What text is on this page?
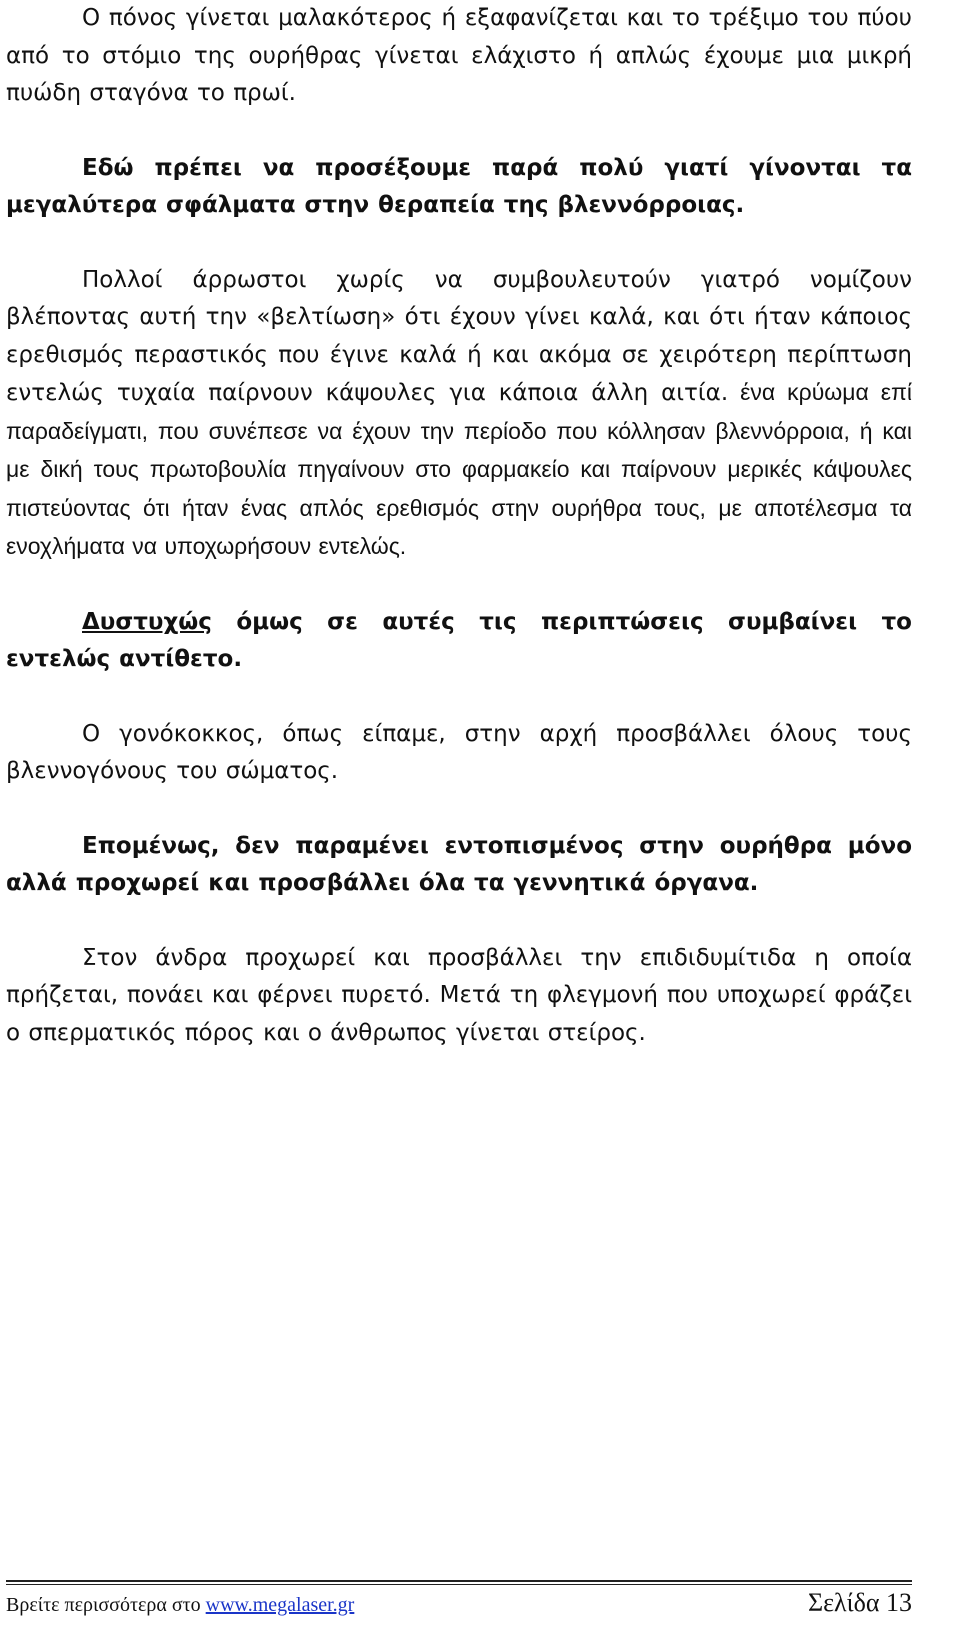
Ο πόνος γίνεται μαλακότερος ή εξαφανίζεται και το τρέξιμο του πύου από το στόμιο της ουρήθρας γίνεται ελάχιστο ή απλώς έχουμε μια μικρή πυώδη σταγόνα το πρωί.

Εδώ πρέπει να προσέξουμε παρά πολύ γιατί γίνονται τα μεγαλύτερα σφάλματα στην θεραπεία της βλεννόρροιας.

Πολλοί άρρωστοι χωρίς να συμβουλευτούν γιατρό νομίζουν βλέποντας αυτή την «βελτίωση» ότι έχουν γίνει καλά, και ότι ήταν κάποιος ερεθισμός περαστικός που έγινε καλά ή και ακόμα σε χειρότερη περίπτωση εντελώς τυχαία παίρνουν κάψουλες για κάποια άλλη αιτία. ένα κρύωμα επί παραδείγματι, που συνέπεσε να έχουν την περίοδο που κόλλησαν βλεννόρροια, ή και με δική τους πρωτοβουλία πηγαίνουν στο φαρμακείο και παίρνουν μερικές κάψουλες πιστεύοντας ότι ήταν ένας απλός ερεθισμός στην ουρήθρα τους, με αποτέλεσμα τα ενοχλήματα να υποχωρήσουν εντελώς.

Δυστυχώς όμως σε αυτές τις περιπτώσεις συμβαίνει το εντελώς αντίθετο.

Ο γονόκοκκος, όπως είπαμε, στην αρχή προσβάλλει όλους τους βλεννογόνους του σώματος.

Επομένως, δεν παραμένει εντοπισμένος στην ουρήθρα μόνο αλλά προχωρεί και προσβάλλει όλα τα γεννητικά όργανα.

Στον άνδρα προχωρεί και προσβάλλει την επιδιδυμίτιδα η οποία πρήζεται, πονάει και φέρνει πυρετό. Μετά τη φλεγμονή που υποχωρεί φράζει ο σπερματικός πόρος και ο άνθρωπος γίνεται στείρος.

Βρείτε περισσότερα στο www.megalaser.gr	Σελίδα 13
